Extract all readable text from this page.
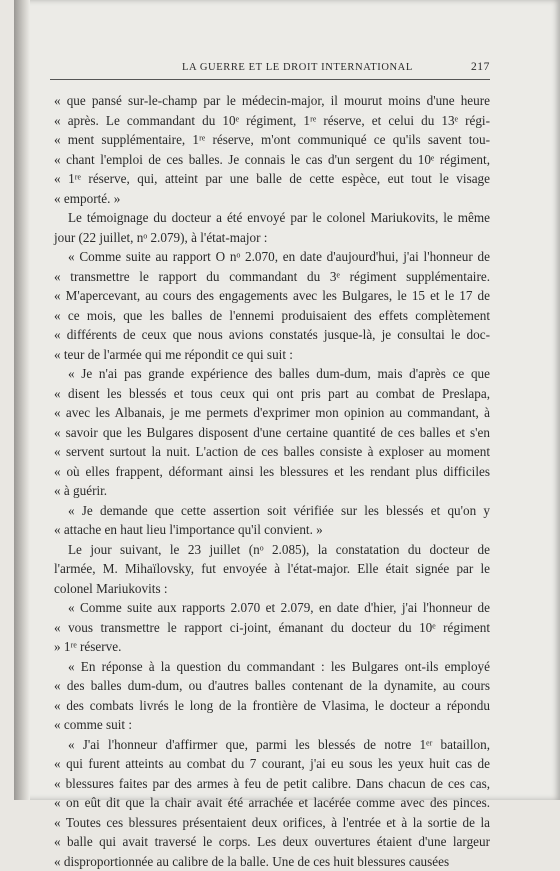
LA GUERRE ET LE DROIT INTERNATIONAL	217
« que pansé sur-le-champ par le médecin-major, il mourut moins d'une heure
« après. Le commandant du 10ᵉ régiment, 1ʳᵉ réserve, et celui du 13ᵉ régi-
« ment supplémentaire, 1ʳᵉ réserve, m'ont communiqué ce qu'ils savent tou-
« chant l'emploi de ces balles. Je connais le cas d'un sergent du 10ᵉ régiment,
« 1ʳᵉ réserve, qui, atteint par une balle de cette espèce, eut tout le visage
« emporté. »
Le témoignage du docteur a été envoyé par le colonel Mariukovits, le même
jour (22 juillet, nᵒ 2.079), à l'état-major :
« Comme suite au rapport O nᵒ 2.070, en date d'aujourd'hui, j'ai l'honneur de
« transmettre le rapport du commandant du 3ᵉ régiment supplémentaire.
« M'apercevant, au cours des engagements avec les Bulgares, le 15 et le 17 de
« ce mois, que les balles de l'ennemi produisaient des effets complètement
« différents de ceux que nous avions constatés jusque-là, je consultai le doc-
« teur de l'armée qui me répondit ce qui suit :
« Je n'ai pas grande expérience des balles dum-dum, mais d'après ce que
« disent les blessés et tous ceux qui ont pris part au combat de Preslapa,
« avec les Albanais, je me permets d'exprimer mon opinion au commandant, à
« savoir que les Bulgares disposent d'une certaine quantité de ces balles et s'en
« servent surtout la nuit. L'action de ces balles consiste à exploser au moment
« où elles frappent, déformant ainsi les blessures et les rendant plus difficiles
« à guérir.
« Je demande que cette assertion soit vérifiée sur les blessés et qu'on y
« attache en haut lieu l'importance qu'il convient. »
Le jour suivant, le 23 juillet (nᵒ 2.085), la constatation du docteur de
l'armée, M. Mihaïlovsky, fut envoyée à l'état-major. Elle était signée par le
colonel Mariukovits :
« Comme suite aux rapports 2.070 et 2.079, en date d'hier, j'ai l'honneur de
« vous transmettre le rapport ci-joint, émanant du docteur du 10ᵉ régiment
» 1ʳᵉ réserve.
« En réponse à la question du commandant : les Bulgares ont-ils employé
« des balles dum-dum, ou d'autres balles contenant de la dynamite, au cours
« des combats livrés le long de la frontière de Vlasima, le docteur a répondu
« comme suit :
« J'ai l'honneur d'affirmer que, parmi les blessés de notre 1ᵉʳ bataillon,
« qui furent atteints au combat du 7 courant, j'ai eu sous les yeux huit cas de
« blessures faites par des armes à feu de petit calibre. Dans chacun de ces cas,
« on eût dit que la chair avait été arrachée et lacérée comme avec des pinces.
« Toutes ces blessures présentaient deux orifices, à l'entrée et à la sortie de la
« balle qui avait traversé le corps. Les deux ouvertures étaient d'une largeur
« disproportionnée au calibre de la balle. Une de ces huit blessures causées
